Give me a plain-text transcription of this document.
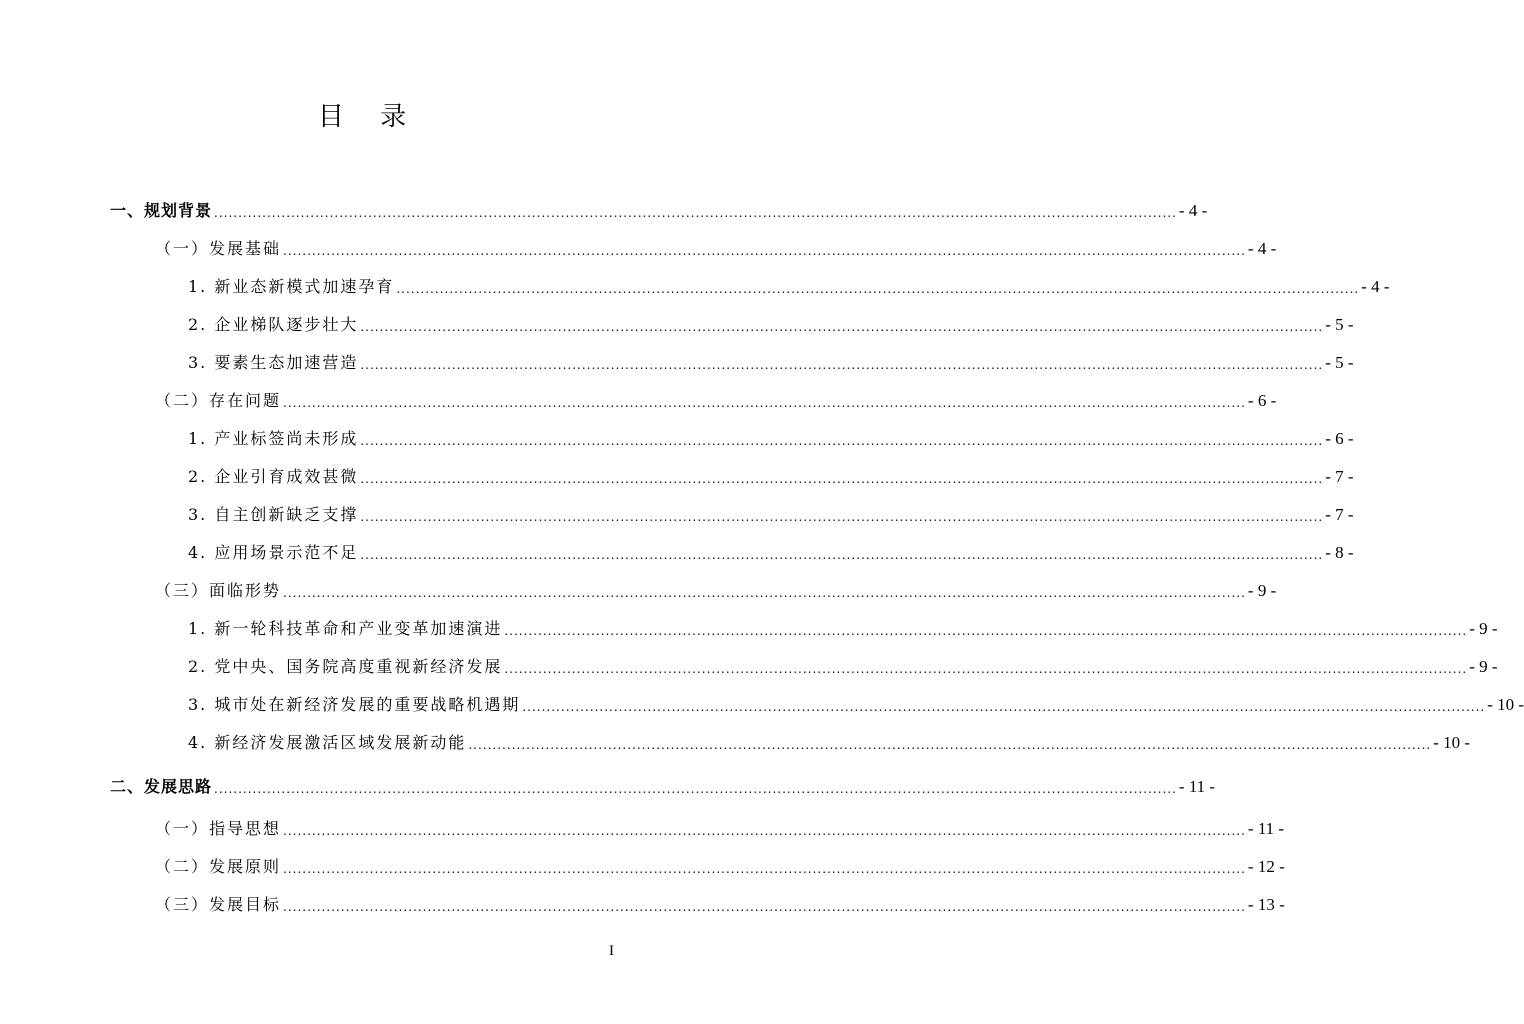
目 录
一、规划背景 ........................................................................................................................................................................................................ - 4 -
（一）发展基础 ........................................................................................................................................................................................................ - 4 -
1. 新业态新模式加速孕育 ........................................................................................................................................................................................................ - 4 -
2. 企业梯队逐步壮大 ........................................................................................................................................................................................................ - 5 -
3. 要素生态加速营造 ........................................................................................................................................................................................................ - 5 -
（二）存在问题 ........................................................................................................................................................................................................ - 6 -
1. 产业标签尚未形成 ........................................................................................................................................................................................................ - 6 -
2. 企业引育成效甚微 ........................................................................................................................................................................................................ - 7 -
3. 自主创新缺乏支撑 ........................................................................................................................................................................................................ - 7 -
4. 应用场景示范不足 ........................................................................................................................................................................................................ - 8 -
（三）面临形势 ........................................................................................................................................................................................................ - 9 -
1. 新一轮科技革命和产业变革加速演进 ........................................................................................................................................................................................................ - 9 -
2. 党中央、国务院高度重视新经济发展 ........................................................................................................................................................................................................ - 9 -
3. 城市处在新经济发展的重要战略机遇期 ........................................................................................................................................................................................................ - 10 -
4. 新经济发展激活区域发展新动能 ........................................................................................................................................................................................................ - 10 -
二、发展思路 ........................................................................................................................................................................................................ - 11 -
（一）指导思想 ........................................................................................................................................................................................................ - 11 -
（二）发展原则 ........................................................................................................................................................................................................ - 12 -
（三）发展目标 ........................................................................................................................................................................................................ - 13 -
I
